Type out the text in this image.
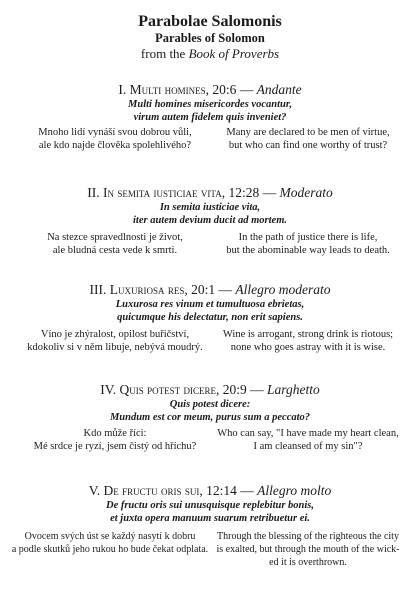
Parabolae Salomonis
Parables of Solomon
from the Book of Proverbs
I. Multi homines, 20:6 — Andante
Multi homines misericordes vocantur,
virum autem fidelem quis inveniet?
Mnoho lidí vynáší svou dobrou vůli,
ale kdo najde člověka spolehlivého?
Many are declared to be men of virtue,
but who can find one worthy of trust?
II. In semita iusticiae vita, 12:28 — Moderato
In semita iusticiae vita,
iter autem devium ducit ad mortem.
Na stezce spravedlnosti je život,
ale bludná cesta vede k smrti.
In the path of justice there is life,
but the abominable way leads to death.
III. Luxuriosa res, 20:1 — Allegro moderato
Luxurosa res vinum et tumultuosa ebrietas,
quicumque his delectatur, non erit sapiens.
Víno je zhýralost, opilost buřičství,
kdokoliv si v něm libuje, nebývá moudrý.
Wine is arrogant, strong drink is riotous;
none who goes astray with it is wise.
IV. Quis potest dicere, 20:9 — Larghetto
Quis potest dicere:
Mundum est cor meum, purus sum a peccato?
Kdo může říci:
Mé srdce je ryzí, jsem čistý od hříchu?
Who can say, "I have made my heart clean,
I am cleansed of my sin"?
V. De fructu oris sui, 12:14 — Allegro molto
De fructu oris sui unusquisque replebitur bonis,
et juxta opera manuum suarum retribuetur ei.
Ovocem svých úst se každý nasytí k dobru
a podle skutků jeho rukou ho bude čekat odplata.
Through the blessing of the righteous the city
is exalted, but through the mouth of the wick-
ed it is overthrown.
